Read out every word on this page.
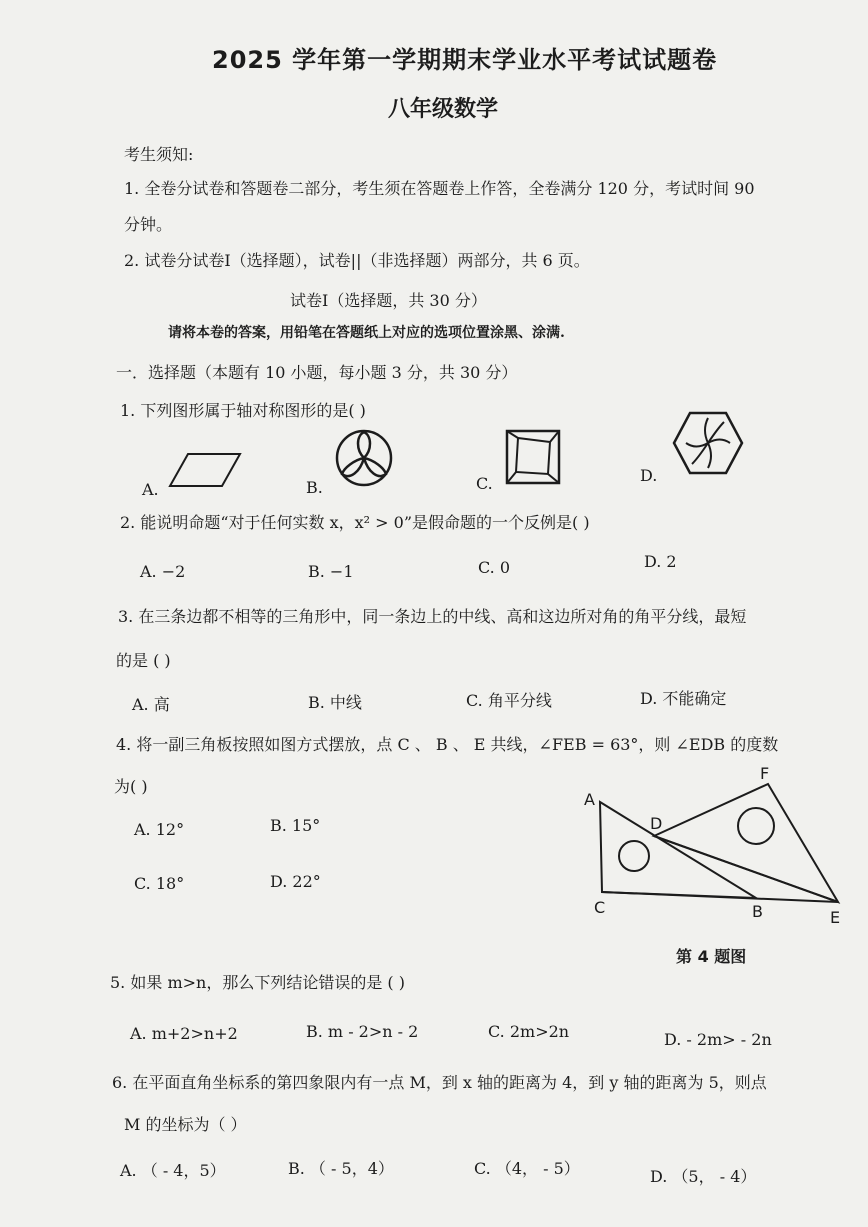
2025 学年第一学期期末学业水平考试试题卷
八年级数学
考生须知:
1. 全卷分试卷和答题卷二部分，考生须在答题卷上作答，全卷满分 120 分，考试时间 90
分钟。
2. 试卷分试卷Ⅰ（选择题），试卷||（非选择题）两部分，共 6 页。
试卷Ⅰ（选择题，共 30 分）
请将本卷的答案，用铅笔在答题纸上对应的选项位置涂黑、涂满.
一．选择题（本题有 10 小题，每小题 3 分，共 30 分）
1. 下列图形属于轴对称图形的是( )
A.	B.	C.	D.
2. 能说明命题“对于任何实数 x，x² > 0”是假命题的一个反例是( )
A. −2	B. −1	C. 0	D. 2
3. 在三条边都不相等的三角形中，同一条边上的中线、高和这边所对角的角平分线，最短
的是 ( )
A. 高	B. 中线	C. 角平分线	D. 不能确定
4. 将一副三角板按照如图方式摆放，点 C 、 B 、 E 共线，∠FEB = 63°，则 ∠EDB 的度数
为( )
A. 12°	B. 15°
C. 18°	D. 22°
A
D
F
C	B	E
第 4 题图
5. 如果 m>n，那么下列结论错误的是 ( )
A. m+2>n+2	B. m - 2>n - 2	C. 2m>2n	D. - 2m> - 2n
6. 在平面直角坐标系的第四象限内有一点 M，到 x 轴的距离为 4，到 y 轴的距离为 5，则点
M 的坐标为（ ）
A. （ - 4，5）	B. （ - 5，4）	C. （4， - 5）	D. （5， - 4）
